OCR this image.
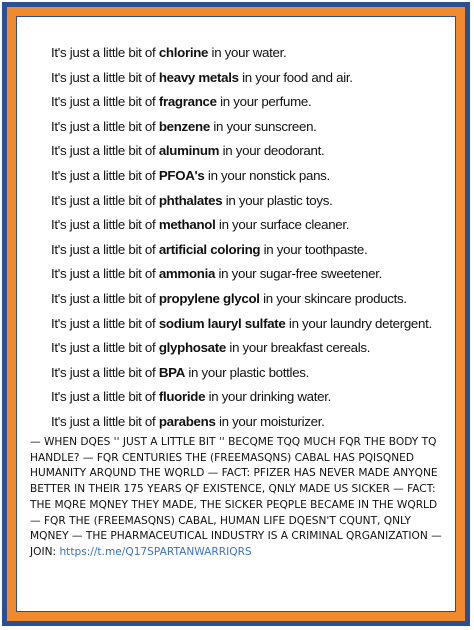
It's just a little bit of chlorine in your water.
It's just a little bit of heavy metals in your food and air.
It's just a little bit of fragrance in your perfume.
It's just a little bit of benzene in your sunscreen.
It's just a little bit of aluminum in your deodorant.
It's just a little bit of PFOA's in your nonstick pans.
It's just a little bit of phthalates in your plastic toys.
It's just a little bit of methanol in your surface cleaner.
It's just a little bit of artificial coloring in your toothpaste.
It's just a little bit of ammonia in your sugar-free sweetener.
It's just a little bit of propylene glycol in your skincare products.
It's just a little bit of sodium lauryl sulfate in your laundry detergent.
It's just a little bit of glyphosate in your breakfast cereals.
It's just a little bit of BPA in your plastic bottles.
It's just a little bit of fluoride in your drinking water.
It's just a little bit of parabens in your moisturizer.
— WHEN DQES '' JUST A LITTLE BIT '' BECQME TQQ MUCH FQR THE BODY TQ HANDLE? — FQR CENTURIES THE (FREEMASQNS) CABAL HAS PQISQNED HUMANITY ARQUND THE WQRLD — FACT: PFIZER HAS NEVER MADE ANYQNE BETTER IN THEIR 175 YEARS QF EXISTENCE, QNLY MADE US SICKER — FACT: THE MQRE MQNEY THEY MADE, THE SICKER PEQPLE BECAME IN THE WQRLD — FQR THE (FREEMASQNS) CABAL, HUMAN LIFE DQESN'T CQUNT, QNLY MQNEY — THE PHARMACEUTICAL INDUSTRY IS A CRIMINAL QRGANIZATION — JOIN: https://t.me/Q17SPARTANWARRIQRS
